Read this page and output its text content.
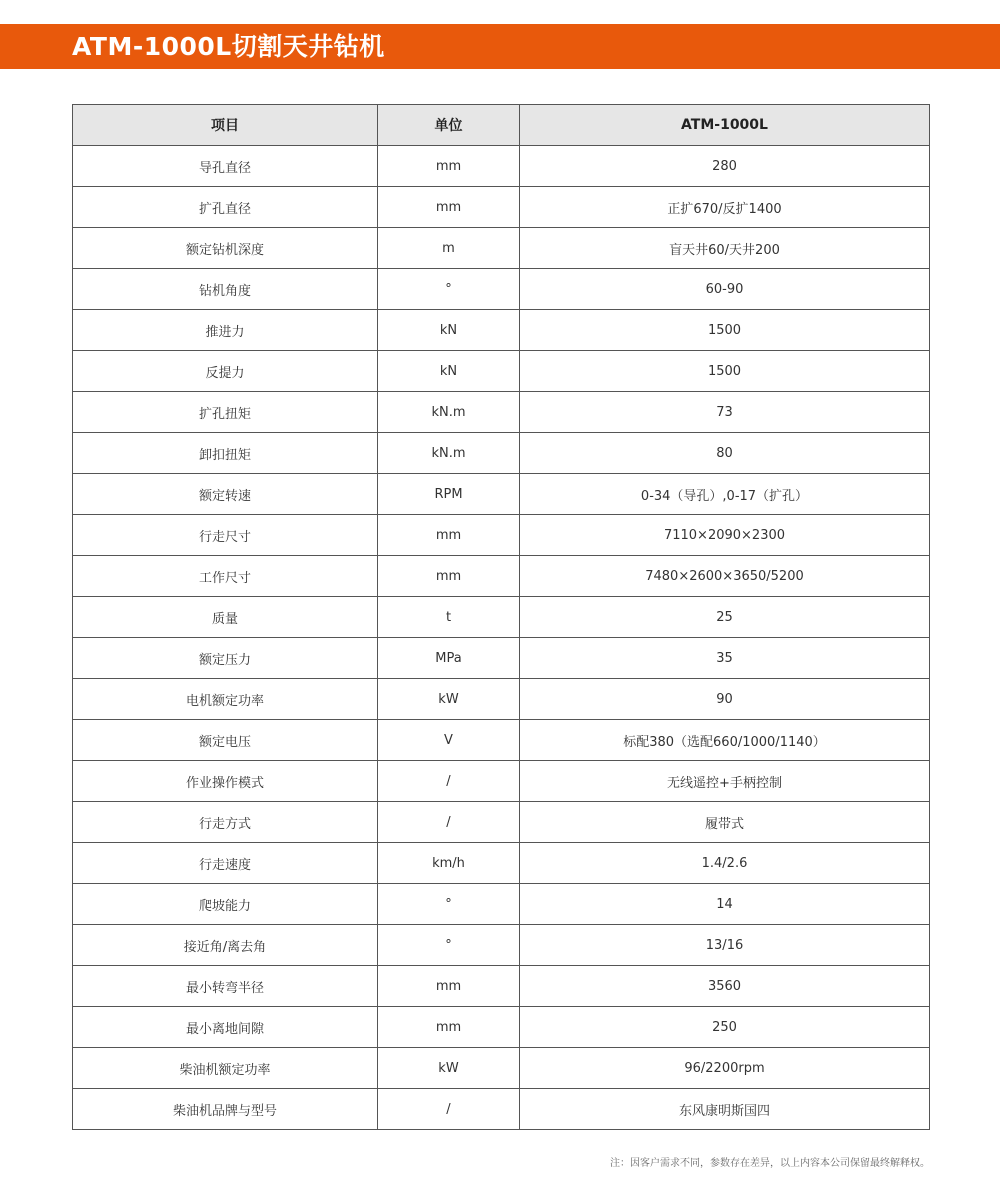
ATM-1000L切割天井钻机
项目	单位	ATM-1000L
导孔直径	mm	280
扩孔直径	mm	正扩670/反扩1400
额定钻机深度	m	盲天井60/天井200
钻机角度	°	60-90
推进力	kN	1500
反提力	kN	1500
扩孔扭矩	kN.m	73
卸扣扭矩	kN.m	80
额定转速	RPM	0-34（导孔）,0-17（扩孔）
行走尺寸	mm	7110×2090×2300
工作尺寸	mm	7480×2600×3650/5200
质量	t	25
额定压力	MPa	35
电机额定功率	kW	90
额定电压	V	标配380（选配660/1000/1140）
作业操作模式	/	无线遥控+手柄控制
行走方式	/	履带式
行走速度	km/h	1.4/2.6
爬坡能力	°	14
接近角/离去角	°	13/16
最小转弯半径	mm	3560
最小离地间隙	mm	250
柴油机额定功率	kW	96/2200rpm
柴油机品牌与型号	/	东风康明斯国四
注：因客户需求不同，参数存在差异，以上内容本公司保留最终解释权。
